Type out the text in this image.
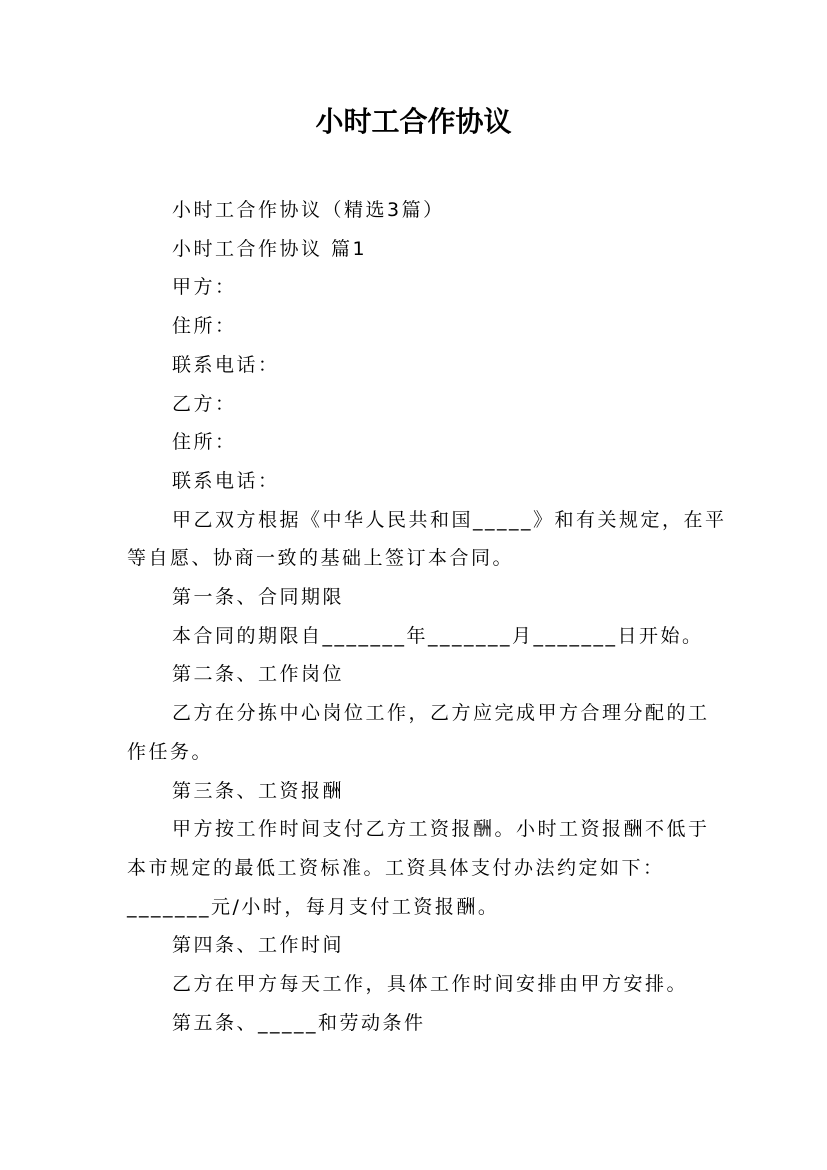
小时工合作协议

小时工合作协议（精选3篇）

小时工合作协议 篇1

甲方：

住所：

联系电话：

乙方：

住所：

联系电话：

甲乙双方根据《中华人民共和国_____》和有关规定，在平等自愿、协商一致的基础上签订本合同。

第一条、合同期限

本合同的期限自_______年_______月_______日开始。

第二条、工作岗位

乙方在分拣中心岗位工作，乙方应完成甲方合理分配的工作任务。

第三条、工资报酬

甲方按工作时间支付乙方工资报酬。小时工资报酬不低于本市规定的最低工资标准。工资具体支付办法约定如下：_______元/小时，每月支付工资报酬。

第四条、工作时间

乙方在甲方每天工作，具体工作时间安排由甲方安排。

第五条、_____和劳动条件
